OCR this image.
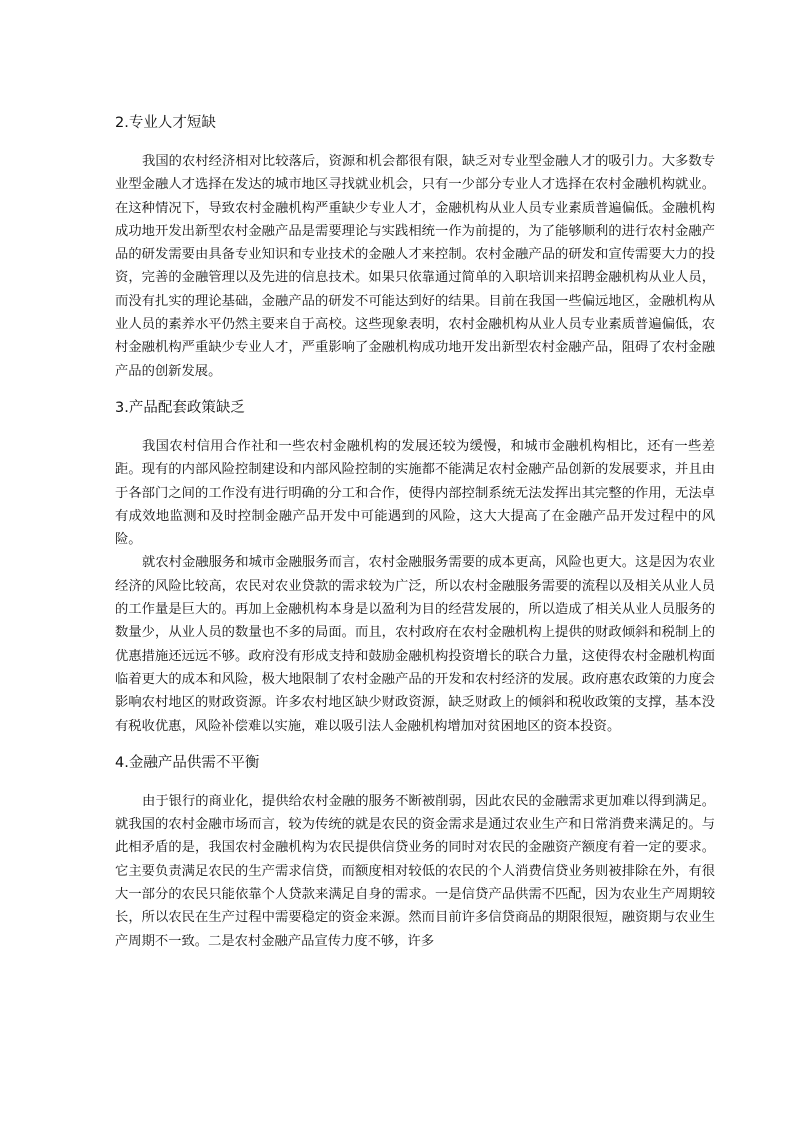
2.专业人才短缺

我国的农村经济相对比较落后，资源和机会都很有限，缺乏对专业型金融人才的吸引力。大多数专业型金融人才选择在发达的城市地区寻找就业机会，只有一少部分专业人才选择在农村金融机构就业。在这种情况下，导致农村金融机构严重缺少专业人才，金融机构从业人员专业素质普遍偏低。金融机构成功地开发出新型农村金融产品是需要理论与实践相统一作为前提的，为了能够顺利的进行农村金融产品的研发需要由具备专业知识和专业技术的金融人才来控制。农村金融产品的研发和宣传需要大力的投资，完善的金融管理以及先进的信息技术。如果只依靠通过简单的入职培训来招聘金融机构从业人员，而没有扎实的理论基础，金融产品的研发不可能达到好的结果。目前在我国一些偏远地区，金融机构从业人员的素养水平仍然主要来自于高校。这些现象表明，农村金融机构从业人员专业素质普遍偏低，农村金融机构严重缺少专业人才，严重影响了金融机构成功地开发出新型农村金融产品，阻碍了农村金融产品的创新发展。

3.产品配套政策缺乏

我国农村信用合作社和一些农村金融机构的发展还较为缓慢，和城市金融机构相比，还有一些差距。现有的内部风险控制建设和内部风险控制的实施都不能满足农村金融产品创新的发展要求，并且由于各部门之间的工作没有进行明确的分工和合作，使得内部控制系统无法发挥出其完整的作用，无法卓有成效地监测和及时控制金融产品开发中可能遇到的风险，这大大提高了在金融产品开发过程中的风险。

就农村金融服务和城市金融服务而言，农村金融服务需要的成本更高，风险也更大。这是因为农业经济的风险比较高，农民对农业贷款的需求较为广泛，所以农村金融服务需要的流程以及相关从业人员的工作量是巨大的。再加上金融机构本身是以盈利为目的经营发展的，所以造成了相关从业人员服务的数量少，从业人员的数量也不多的局面。而且，农村政府在农村金融机构上提供的财政倾斜和税制上的优惠措施还远远不够。政府没有形成支持和鼓励金融机构投资增长的联合力量，这使得农村金融机构面临着更大的成本和风险，极大地限制了农村金融产品的开发和农村经济的发展。政府惠农政策的力度会影响农村地区的财政资源。许多农村地区缺少财政资源，缺乏财政上的倾斜和税收政策的支撑，基本没有税收优惠，风险补偿难以实施，难以吸引法人金融机构增加对贫困地区的资本投资。

4.金融产品供需不平衡

由于银行的商业化，提供给农村金融的服务不断被削弱，因此农民的金融需求更加难以得到满足。就我国的农村金融市场而言，较为传统的就是农民的资金需求是通过农业生产和日常消费来满足的。与此相矛盾的是，我国农村金融机构为农民提供信贷业务的同时对农民的金融资产额度有着一定的要求。它主要负责满足农民的生产需求信贷，而额度相对较低的农民的个人消费信贷业务则被排除在外，有很大一部分的农民只能依靠个人贷款来满足自身的需求。一是信贷产品供需不匹配，因为农业生产周期较长，所以农民在生产过程中需要稳定的资金来源。然而目前许多信贷商品的期限很短，融资期与农业生产周期不一致。二是农村金融产品宣传力度不够，许多
